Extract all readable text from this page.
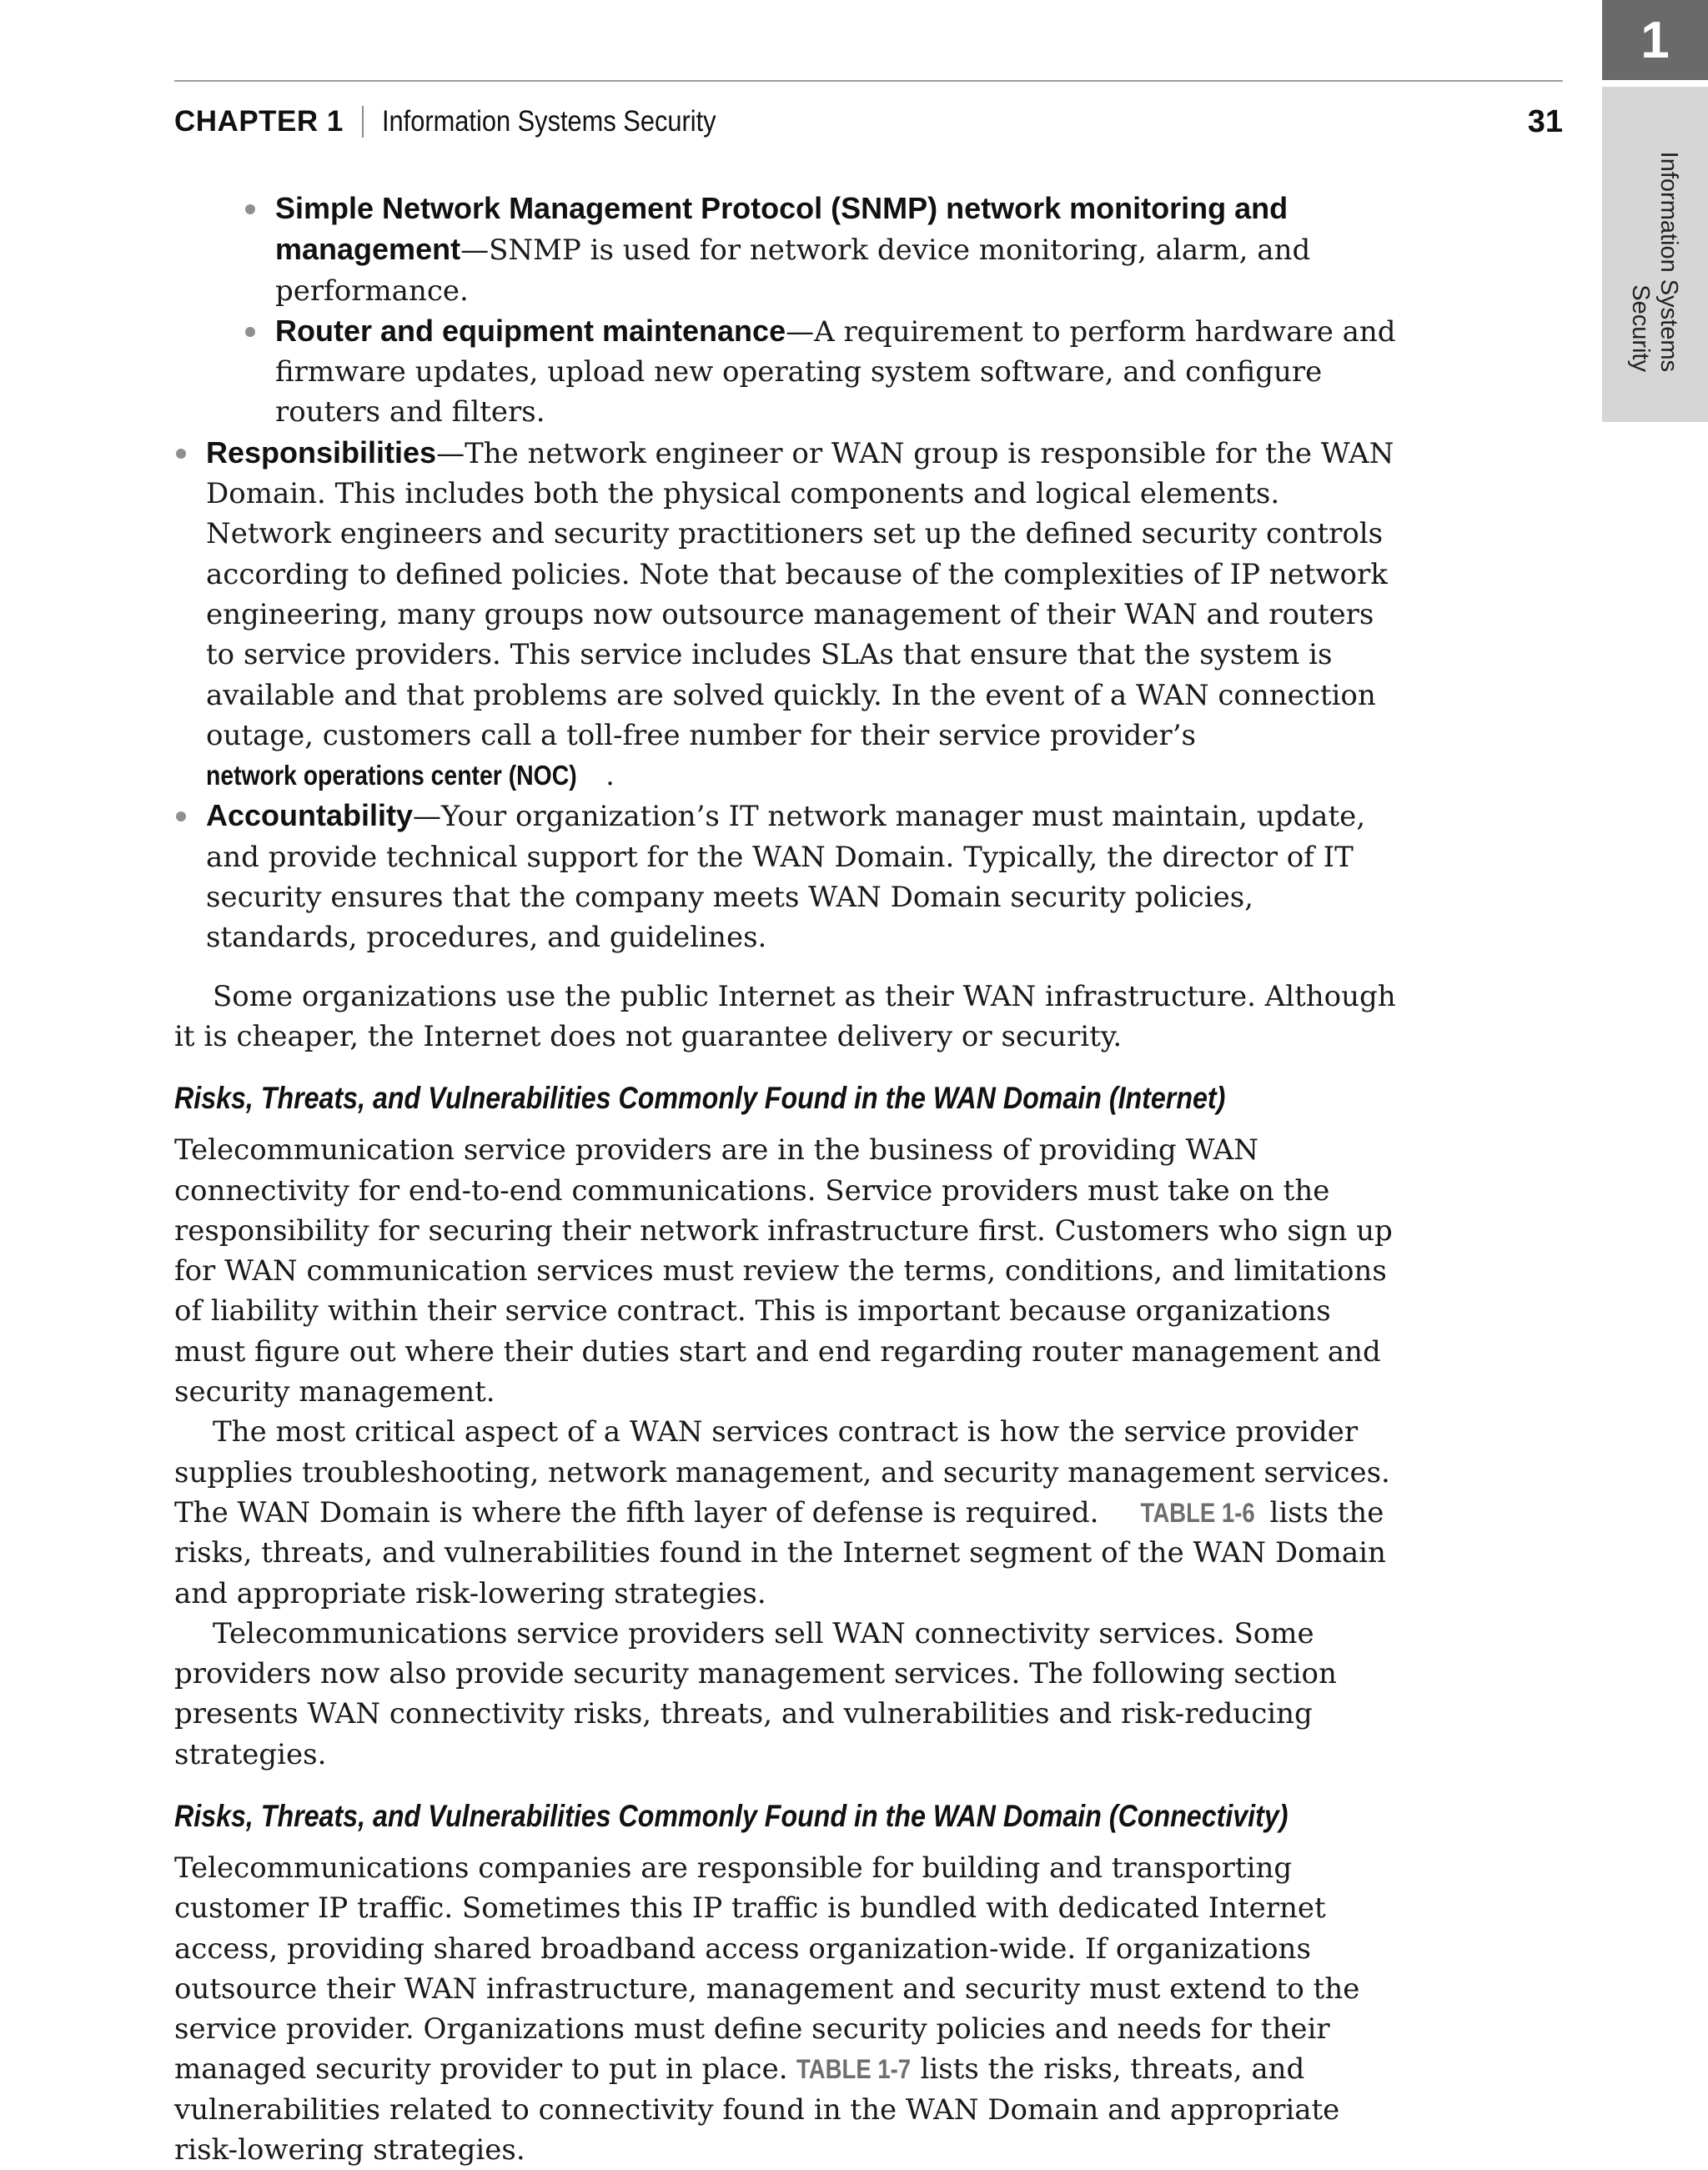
1
Information Systems
Security
CHAPTER 1 Information Systems Security	31
Simple Network Management Protocol (SNMP) network monitoring and management—SNMP is used for network device monitoring, alarm, and performance.
Router and equipment maintenance—A requirement to perform hardware and firmware updates, upload new operating system software, and configure routers and filters.
Responsibilities—The network engineer or WAN group is responsible for the WAN Domain. This includes both the physical components and logical elements. Network engineers and security practitioners set up the defined security controls according to defined policies. Note that because of the complexities of IP network engineering, many groups now outsource management of their WAN and routers to service providers. This service includes SLAs that ensure that the system is available and that problems are solved quickly. In the event of a WAN connection outage, customers call a toll-free number for their service provider’s network operations center (NOC) .
Accountability—Your organization’s IT network manager must maintain, update, and provide technical support for the WAN Domain. Typically, the director of IT security ensures that the company meets WAN Domain security policies, standards, procedures, and guidelines.

Some organizations use the public Internet as their WAN infrastructure. Although it is cheaper, the Internet does not guarantee delivery or security.

Risks, Threats, and Vulnerabilities Commonly Found in the WAN Domain (Internet)

Telecommunication service providers are in the business of providing WAN connectivity for end-to-end communications. Service providers must take on the responsibility for securing their network infrastructure first. Customers who sign up for WAN communication services must review the terms, conditions, and limitations of liability within their service contract. This is important because organizations must figure out where their duties start and end regarding router management and security management.

The most critical aspect of a WAN services contract is how the service provider supplies troubleshooting, network management, and security management services. The WAN Domain is where the fifth layer of defense is required. TABLE 1-6 lists the risks, threats, and vulnerabilities found in the Internet segment of the WAN Domain and appropriate risk-lowering strategies.

Telecommunications service providers sell WAN connectivity services. Some providers now also provide security management services. The following section presents WAN connectivity risks, threats, and vulnerabilities and risk-reducing strategies.

Risks, Threats, and Vulnerabilities Commonly Found in the WAN Domain (Connectivity)

Telecommunications companies are responsible for building and transporting customer IP traffic. Sometimes this IP traffic is bundled with dedicated Internet access, providing shared broadband access organization-wide. If organizations outsource their WAN infrastructure, management and security must extend to the service provider. Organizations must define security policies and needs for their managed security provider to put in place. TABLE 1-7 lists the risks, threats, and vulnerabilities related to connectivity found in the WAN Domain and appropriate risk-lowering strategies.
